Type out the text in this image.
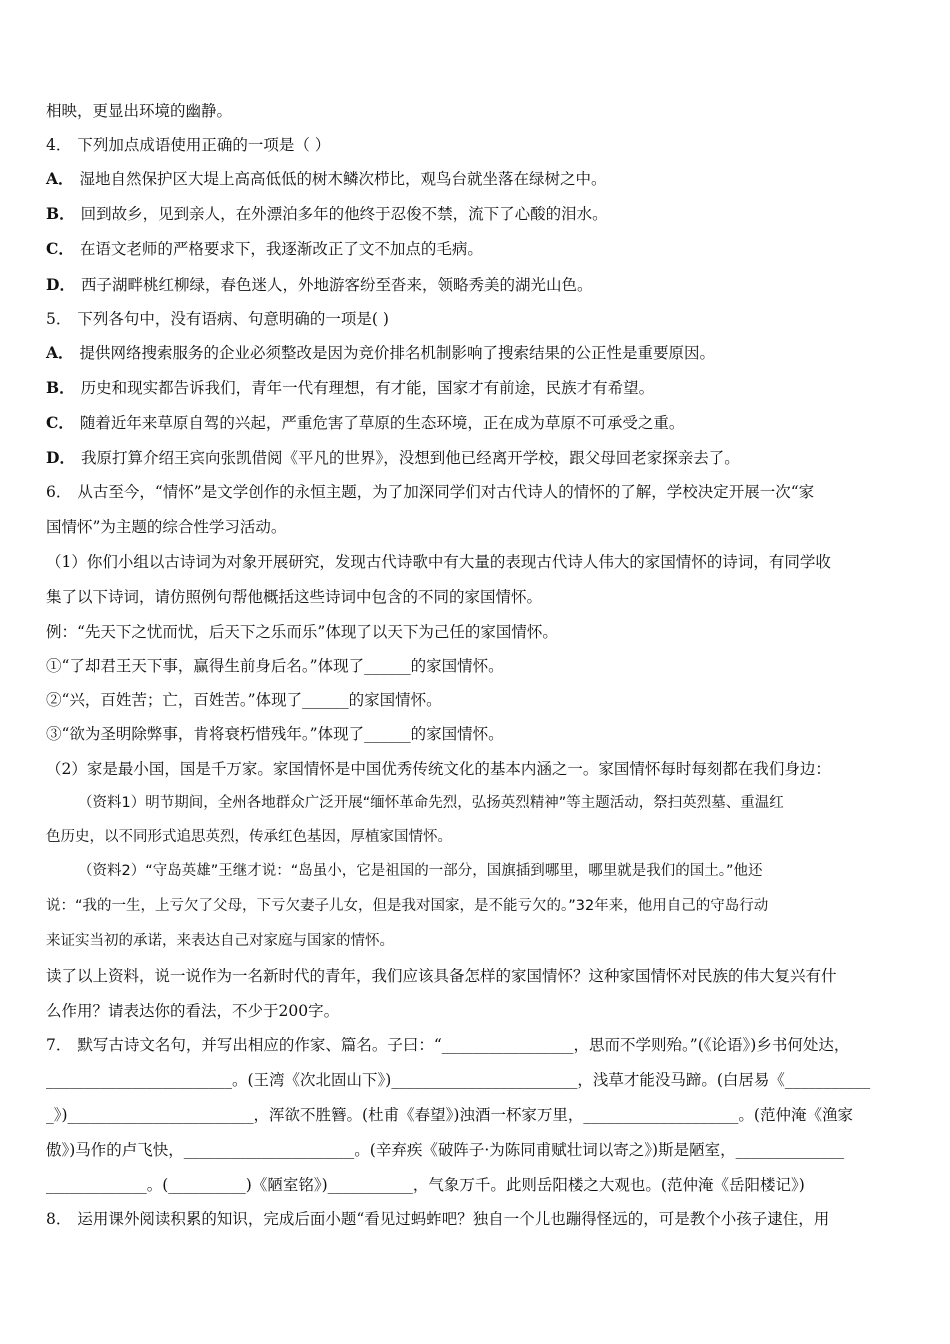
相映，更显出环境的幽静。
4． 下列加点成语使用正确的一项是（ ）
A． 湿地自然保护区大堤上高高低低的树木鳞次栉比，观鸟台就坐落在绿树之中。
B． 回到故乡，见到亲人，在外漂泊多年的他终于忍俊不禁，流下了心酸的泪水。
C． 在语文老师的严格要求下，我逐渐改正了文不加点的毛病。
D． 西子湖畔桃红柳绿，春色迷人，外地游客纷至沓来，领略秀美的湖光山色。
5． 下列各句中，没有语病、句意明确的一项是( )
A． 提供网络搜索服务的企业必须整改是因为竞价排名机制影响了搜索结果的公正性是重要原因。
B． 历史和现实都告诉我们，青年一代有理想，有才能，国家才有前途，民族才有希望。
C． 随着近年来草原自驾的兴起，严重危害了草原的生态环境，正在成为草原不可承受之重。
D． 我原打算介绍王宾向张凯借阅《平凡的世界》，没想到他已经离开学校，跟父母回老家探亲去了。
6． 从古至今，“情怀”是文学创作的永恒主题，为了加深同学们对古代诗人的情怀的了解，学校决定开展一次“家
国情怀”为主题的综合性学习活动。
（1）你们小组以古诗词为对象开展研究，发现古代诗歌中有大量的表现古代诗人伟大的家国情怀的诗词，有同学收
集了以下诗词，请仿照例句帮他概括这些诗词中包含的不同的家国情怀。
例：“先天下之忧而忧，后天下之乐而乐”体现了以天下为己任的家国情怀。
①“了却君王天下事，赢得生前身后名。”体现了______的家国情怀。
②“兴，百姓苦；亡，百姓苦。”体现了______的家国情怀。
③“欲为圣明除弊事，肯将衰朽惜残年。”体现了______的家国情怀。
（2）家是最小国，国是千万家。家国情怀是中国优秀传统文化的基本内涵之一。家国情怀每时每刻都在我们身边：
（资料1）明节期间，全州各地群众广泛开展“缅怀革命先烈，弘扬英烈精神”等主题活动，祭扫英烈墓、重温红
色历史，以不同形式追思英烈，传承红色基因，厚植家国情怀。
（资料2）“守岛英雄”王继才说：“岛虽小，它是祖国的一部分，国旗插到哪里，哪里就是我们的国土。”他还
说：“我的一生，上亏欠了父母，下亏欠妻子儿女，但是我对国家，是不能亏欠的。”32年来，他用自己的守岛行动
来证实当初的承诺，来表达自己对家庭与国家的情怀。
读了以上资料，说一说作为一名新时代的青年，我们应该具备怎样的家国情怀？这种家国情怀对民族的伟大复兴有什
么作用？请表达你的看法，不少于200字。
7． 默写古诗文名句，并写出相应的作家、篇名。子曰：“_________________，思而不学则殆。”(《论语》)乡书何处达，
________________________。(王湾《次北固山下》)________________________，浅草才能没马蹄。(白居易《___________
_》)________________________，浑欲不胜簪。(杜甫《春望》)浊酒一杯家万里，____________________。(范仲淹《渔家
傲》)马作的卢飞快，______________________。(辛弃疾《破阵子·为陈同甫赋壮词以寄之》)斯是陋室，______________
_____________。(__________)《陋室铭》)___________，气象万千。此则岳阳楼之大观也。(范仲淹《岳阳楼记》)
8． 运用课外阅读积累的知识，完成后面小题“看见过蚂蚱吧？独自一个儿也蹦得怪远的，可是教个小孩子逮住，用
